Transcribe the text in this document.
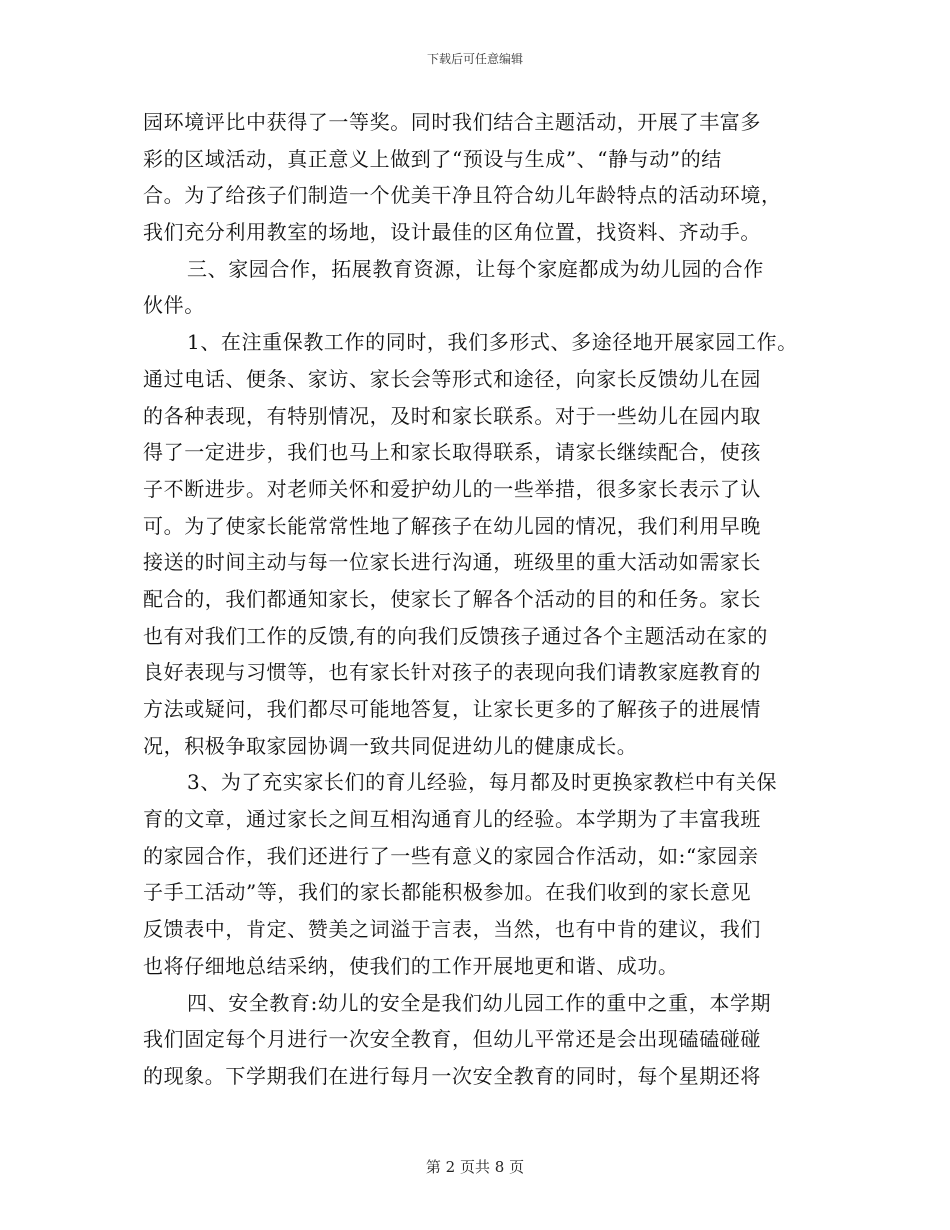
下载后可任意编辑
园环境评比中获得了一等奖。同时我们结合主题活动，开展了丰富多
彩的区域活动，真正意义上做到了“预设与生成”、“静与动”的结
合。为了给孩子们制造一个优美干净且符合幼儿年龄特点的活动环境，
我们充分利用教室的场地，设计最佳的区角位置，找资料、齐动手。
三、家园合作，拓展教育资源，让每个家庭都成为幼儿园的合作
伙伴。
1、在注重保教工作的同时，我们多形式、多途径地开展家园工作。
通过电话、便条、家访、家长会等形式和途径，向家长反馈幼儿在园
的各种表现，有特别情况，及时和家长联系。对于一些幼儿在园内取
得了一定进步，我们也马上和家长取得联系，请家长继续配合，使孩
子不断进步。对老师关怀和爱护幼儿的一些举措，很多家长表示了认
可。为了使家长能常常性地了解孩子在幼儿园的情况，我们利用早晚
接送的时间主动与每一位家长进行沟通，班级里的重大活动如需家长
配合的，我们都通知家长，使家长了解各个活动的目的和任务。家长
也有对我们工作的反馈,有的向我们反馈孩子通过各个主题活动在家的
良好表现与习惯等，也有家长针对孩子的表现向我们请教家庭教育的
方法或疑问，我们都尽可能地答复，让家长更多的了解孩子的进展情
况，积极争取家园协调一致共同促进幼儿的健康成长。
3、为了充实家长们的育儿经验，每月都及时更换家教栏中有关保
育的文章，通过家长之间互相沟通育儿的经验。本学期为了丰富我班
的家园合作，我们还进行了一些有意义的家园合作活动，如:“家园亲
子手工活动”等，我们的家长都能积极参加。在我们收到的家长意见
反馈表中，肯定、赞美之词溢于言表，当然，也有中肯的建议，我们
也将仔细地总结采纳，使我们的工作开展地更和谐、成功。
四、安全教育:幼儿的安全是我们幼儿园工作的重中之重，本学期
我们固定每个月进行一次安全教育，但幼儿平常还是会出现磕磕碰碰
的现象。下学期我们在进行每月一次安全教育的同时，每个星期还将
第 2 页共 8 页
